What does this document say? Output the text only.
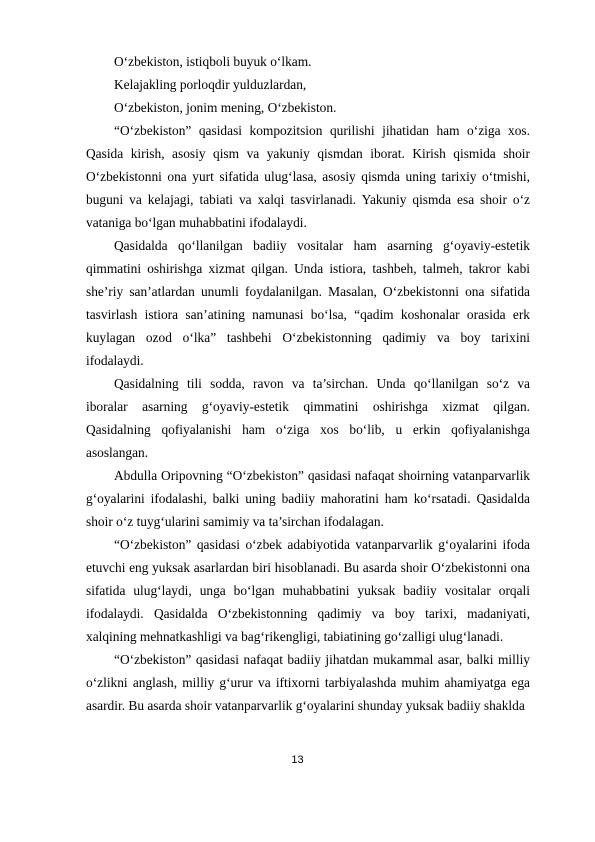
O‘zbekiston, istiqboli buyuk o‘lkam.

Kelajakling porloqdir yulduzlardan,

O‘zbekiston, jonim mening, O‘zbekiston.

“O‘zbekiston” qasidasi kompozitsion qurilishi jihatidan ham o‘ziga xos. Qasida kirish, asosiy qism va yakuniy qismdan iborat. Kirish qismida shoir O‘zbekistonni ona yurt sifatida ulug‘lasa, asosiy qismda uning tarixiy o‘tmishi, buguni va kelajagi, tabiati va xalqi tasvirlanadi. Yakuniy qismda esa shoir o‘z vataniga bo‘lgan muhabbatini ifodalaydi.

Qasidalda qo‘llanilgan badiiy vositalar ham asarning g‘oyaviy-estetik qimmatini oshirishga xizmat qilgan. Unda istiora, tashbeh, talmeh, takror kabi she’riy san’atlardan unumli foydalanilgan. Masalan, O‘zbekistonni ona sifatida tasvirlash istiora san’atining namunasi bo‘lsa, “qadim koshonalar orasida erk kuylagan ozod o‘lka” tashbehi O‘zbekistonning qadimiy va boy tarixini ifodalaydi.

Qasidalning tili sodda, ravon va ta’sirchan. Unda qo‘llanilgan so‘z va iboralar asarning g‘oyaviy-estetik qimmatini oshirishga xizmat qilgan. Qasidalning qofiyalanishi ham o‘ziga xos bo‘lib, u erkin qofiyalanishga asoslangan.

Abdulla Oripovning “O‘zbekiston” qasidasi nafaqat shoirning vatanparvarlik g‘oyalarini ifodalashi, balki uning badiiy mahoratini ham ko‘rsatadi. Qasidalda shoir o‘z tuyg‘ularini samimiy va ta’sirchan ifodalagan.

“O‘zbekiston” qasidasi o‘zbek adabiyotida vatanparvarlik g‘oyalarini ifoda etuvchi eng yuksak asarlardan biri hisoblanadi. Bu asarda shoir O‘zbekistonni ona sifatida ulug‘laydi, unga bo‘lgan muhabbatini yuksak badiiy vositalar orqali ifodalaydi. Qasidalda O‘zbekistonning qadimiy va boy tarixi, madaniyati, xalqining mehnatkashligi va bag‘rikengligi, tabiatining go‘zalligi ulug‘lanadi.

“O‘zbekiston” qasidasi nafaqat badiiy jihatdan mukammal asar, balki milliy o‘zlikni anglash, milliy g‘urur va iftixorni tarbiyalashda muhim ahamiyatga ega asardir. Bu asarda shoir vatanparvarlik g‘oyalarini shunday yuksak badiiy shaklda

13
